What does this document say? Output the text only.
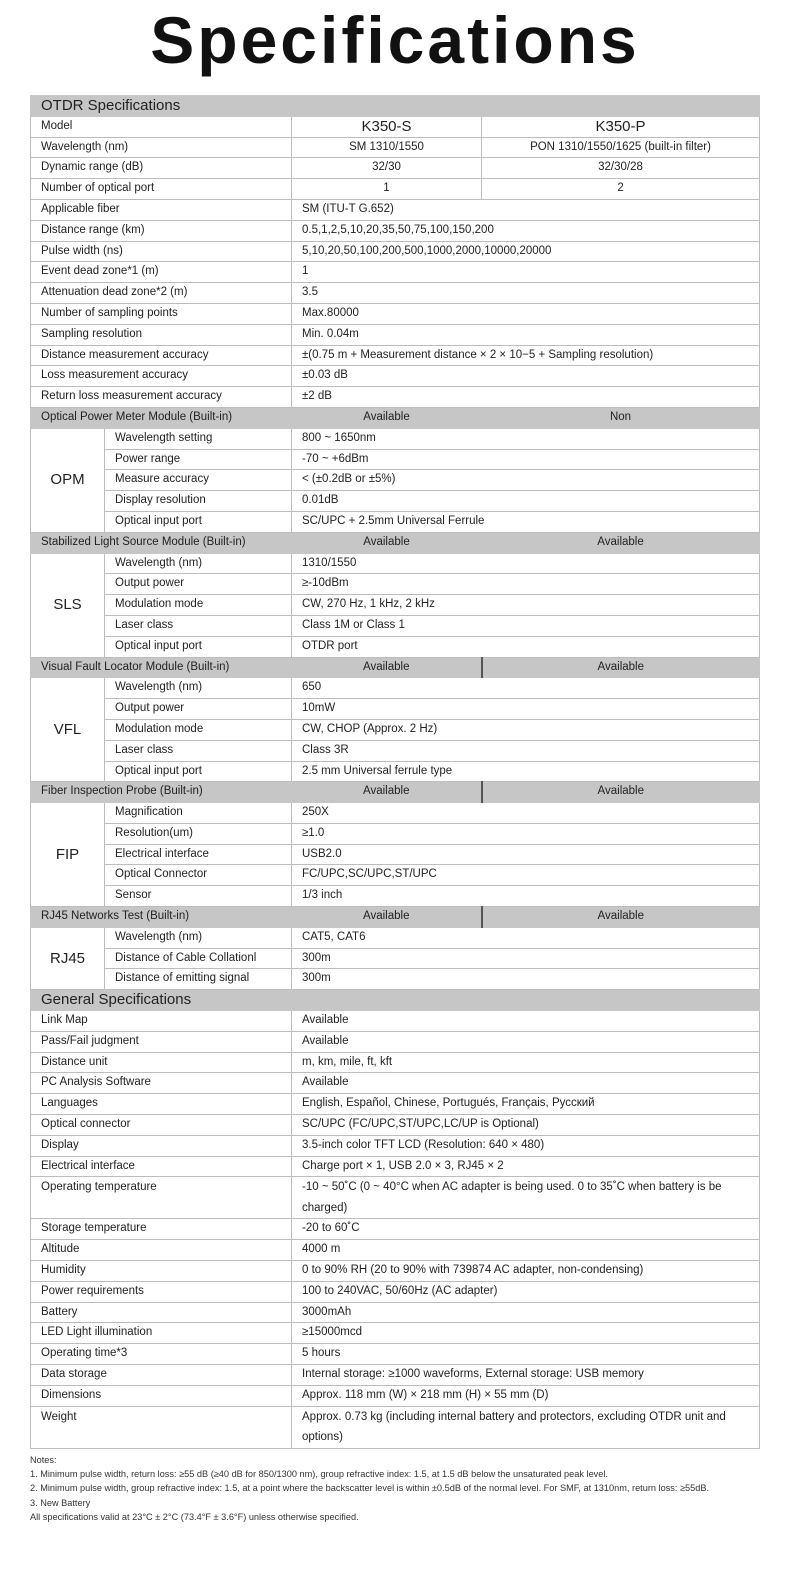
Specifications
OTDR Specifications			
Model		K350-S	K350-P
Wavelength (nm)		SM 1310/1550	PON 1310/1550/1625 (built-in filter)
Dynamic range (dB)		32/30	32/30/28
Number of optical port		1	2
Applicable fiber		SM (ITU-T G.652)	
Distance range (km)		0.5,1,2,5,10,20,35,50,75,100,150,200	
Pulse width (ns)		5,10,20,50,100,200,500,1000,2000,10000,20000	
Event dead zone*1 (m)		1	
Attenuation dead zone*2 (m)		3.5	
Number of sampling points		Max.80000	
Sampling resolution		Min. 0.04m	
Distance measurement accuracy		±(0.75 m + Measurement distance × 2 × 10−5 + Sampling resolution)	
Loss measurement accuracy		±0.03 dB	
Return loss measurement accuracy		±2 dB	
Optical Power Meter Module (Built-in)		Available	Non
OPM	Wavelength setting	800 ~ 1650nm	
	Power range	-70 ~ +6dBm	
	Measure accuracy	< (±0.2dB or ±5%)	
	Display resolution	0.01dB	
	Optical input port	SC/UPC + 2.5mm Universal Ferrule	
Stabilized Light Source Module (Built-in)		Available	Available
SLS	Wavelength (nm)	1310/1550	
	Output power	≥-10dBm	
	Modulation mode	CW, 270 Hz, 1 kHz, 2 kHz	
	Laser class	Class 1M or Class 1	
	Optical input port	OTDR port	
Visual Fault Locator Module (Built-in)		Available	Available
VFL	Wavelength (nm)	650	
	Output power	10mW	
	Modulation mode	CW, CHOP (Approx. 2 Hz)	
	Laser class	Class 3R	
	Optical input port	2.5 mm Universal ferrule type	
Fiber Inspection Probe (Built-in)		Available	Available
FIP	Magnification	250X	
	Resolution(um)	≥1.0	
	Electrical interface	USB2.0	
	Optical Connector	FC/UPC,SC/UPC,ST/UPC	
	Sensor	1/3 inch	
RJ45 Networks Test (Built-in)		Available	Available
RJ45	Wavelength (nm)	CAT5, CAT6	
	Distance of Cable Collationl	300m	
	Distance of emitting signal	300m	
General Specifications			
Link Map		Available	
Pass/Fail judgment		Available	
Distance unit		m, km, mile, ft, kft	
PC Analysis Software		Available	
Languages		English, Español, Chinese, Portugués, Français, Pусский	
Optical connector		SC/UPC (FC/UPC,ST/UPC,LC/UP is Optional)	
Display		3.5-inch color TFT LCD (Resolution: 640 × 480)	
Electrical interface		Charge port × 1, USB 2.0 × 3, RJ45 × 2	
Operating temperature		-10 ~ 50˚C (0 ~ 40°C when AC adapter is being used. 0 to 35˚C when battery is be charged)	
Storage temperature		-20 to 60˚C	
Altitude		4000 m	
Humidity		0 to 90% RH (20 to 90% with 739874 AC adapter, non-condensing)	
Power requirements		100 to 240VAC, 50/60Hz (AC adapter)	
Battery		3000mAh	
LED Light illumination		≥15000mcd	
Operating time*3		5 hours	
Data storage		Internal storage: ≥1000 waveforms, External storage: USB memory	
Dimensions		Approx. 118 mm (W) × 218 mm (H) × 55 mm (D)	
Weight		Approx. 0.73 kg (including internal battery and protectors, excluding OTDR unit and options)	
Notes:
1. Minimum pulse width, return loss: ≥55 dB (≥40 dB for 850/1300 nm), group refractive index: 1.5, at 1.5 dB below the unsaturated peak level.
2. Minimum pulse width, group refractive index: 1.5, at a point where the backscatter level is within ±0.5dB of the normal level. For SMF, at 1310nm, return loss: ≥55dB.
3. New Battery
All specifications valid at 23°C ± 2°C (73.4°F ± 3.6°F) unless otherwise specified.
